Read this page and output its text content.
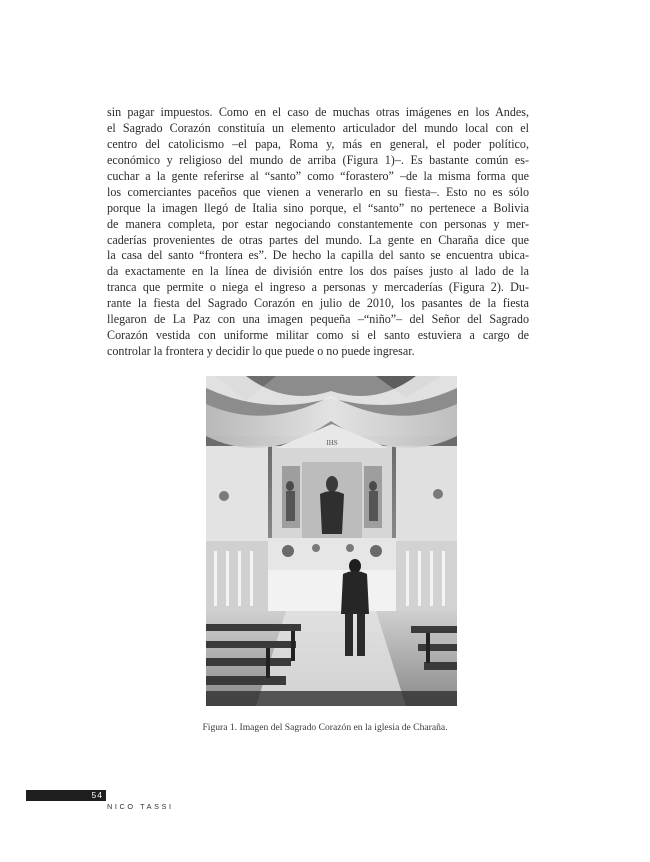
sin pagar impuestos. Como en el caso de muchas otras imágenes en los Andes,
el Sagrado Corazón constituía un elemento articulador del mundo local con el
centro del catolicismo –el papa, Roma y, más en general, el poder político,
económico y religioso del mundo de arriba (Figura 1)–. Es bastante común es-
cuchar a la gente referirse al “santo” como “forastero” –de la misma forma que
los comerciantes paceños que vienen a venerarlo en su fiesta–. Esto no es sólo
porque la imagen llegó de Italia sino porque, el “santo” no pertenece a Bolivia
de manera completa, por estar negociando constantemente con personas y mer-
caderías provenientes de otras partes del mundo. La gente en Charaña dice que
la casa del santo “frontera es”. De hecho la capilla del santo se encuentra ubica-
da exactamente en la línea de división entre los dos países justo al lado de la
tranca que permite o niega el ingreso a personas y mercaderías (Figura 2). Du-
rante la fiesta del Sagrado Corazón en julio de 2010, los pasantes de la fiesta
llegaron de La Paz con una imagen pequeña –“niño”– del Señor del Sagrado
Corazón vestida con uniforme militar como si el santo estuviera a cargo de
controlar la frontera y decidir lo que puede o no puede ingresar.
IHS
Figura 1. Imagen del Sagrado Corazón en la iglesia de Charaña.
54
NICO TASSI
